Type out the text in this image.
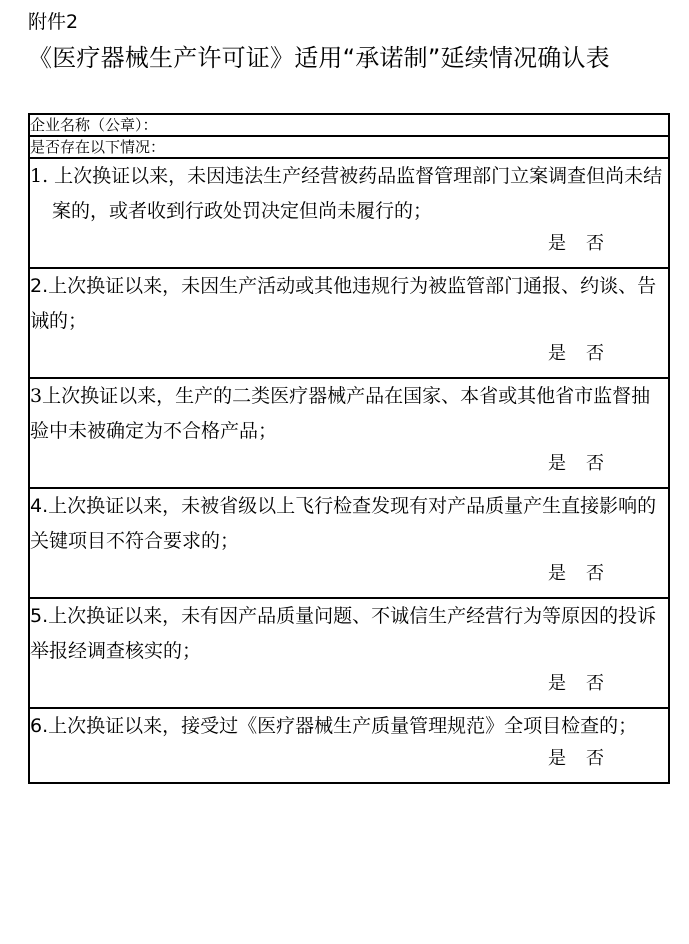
附件2
《医疗器械生产许可证》适用“承诺制”延续情况确认表
企业名称（公章）：
是否存在以下情况：

1. 上次换证以来，未因违法生产经营被药品监督管理部门立案调查但尚未结案的，或者收到行政处罚决定但尚未履行的；
是 否

2.上次换证以来，未因生产活动或其他违规行为被监管部门通报、约谈、告诫的；
是 否

3上次换证以来，生产的二类医疗器械产品在国家、本省或其他省市监督抽验中未被确定为不合格产品；
是 否

4.上次换证以来，未被省级以上飞行检查发现有对产品质量产生直接影响的关键项目不符合要求的；
是 否

5.上次换证以来，未有因产品质量问题、不诚信生产经营行为等原因的投诉举报经调查核实的；
是 否

6.上次换证以来，接受过《医疗器械生产质量管理规范》全项目检查的；
是 否
